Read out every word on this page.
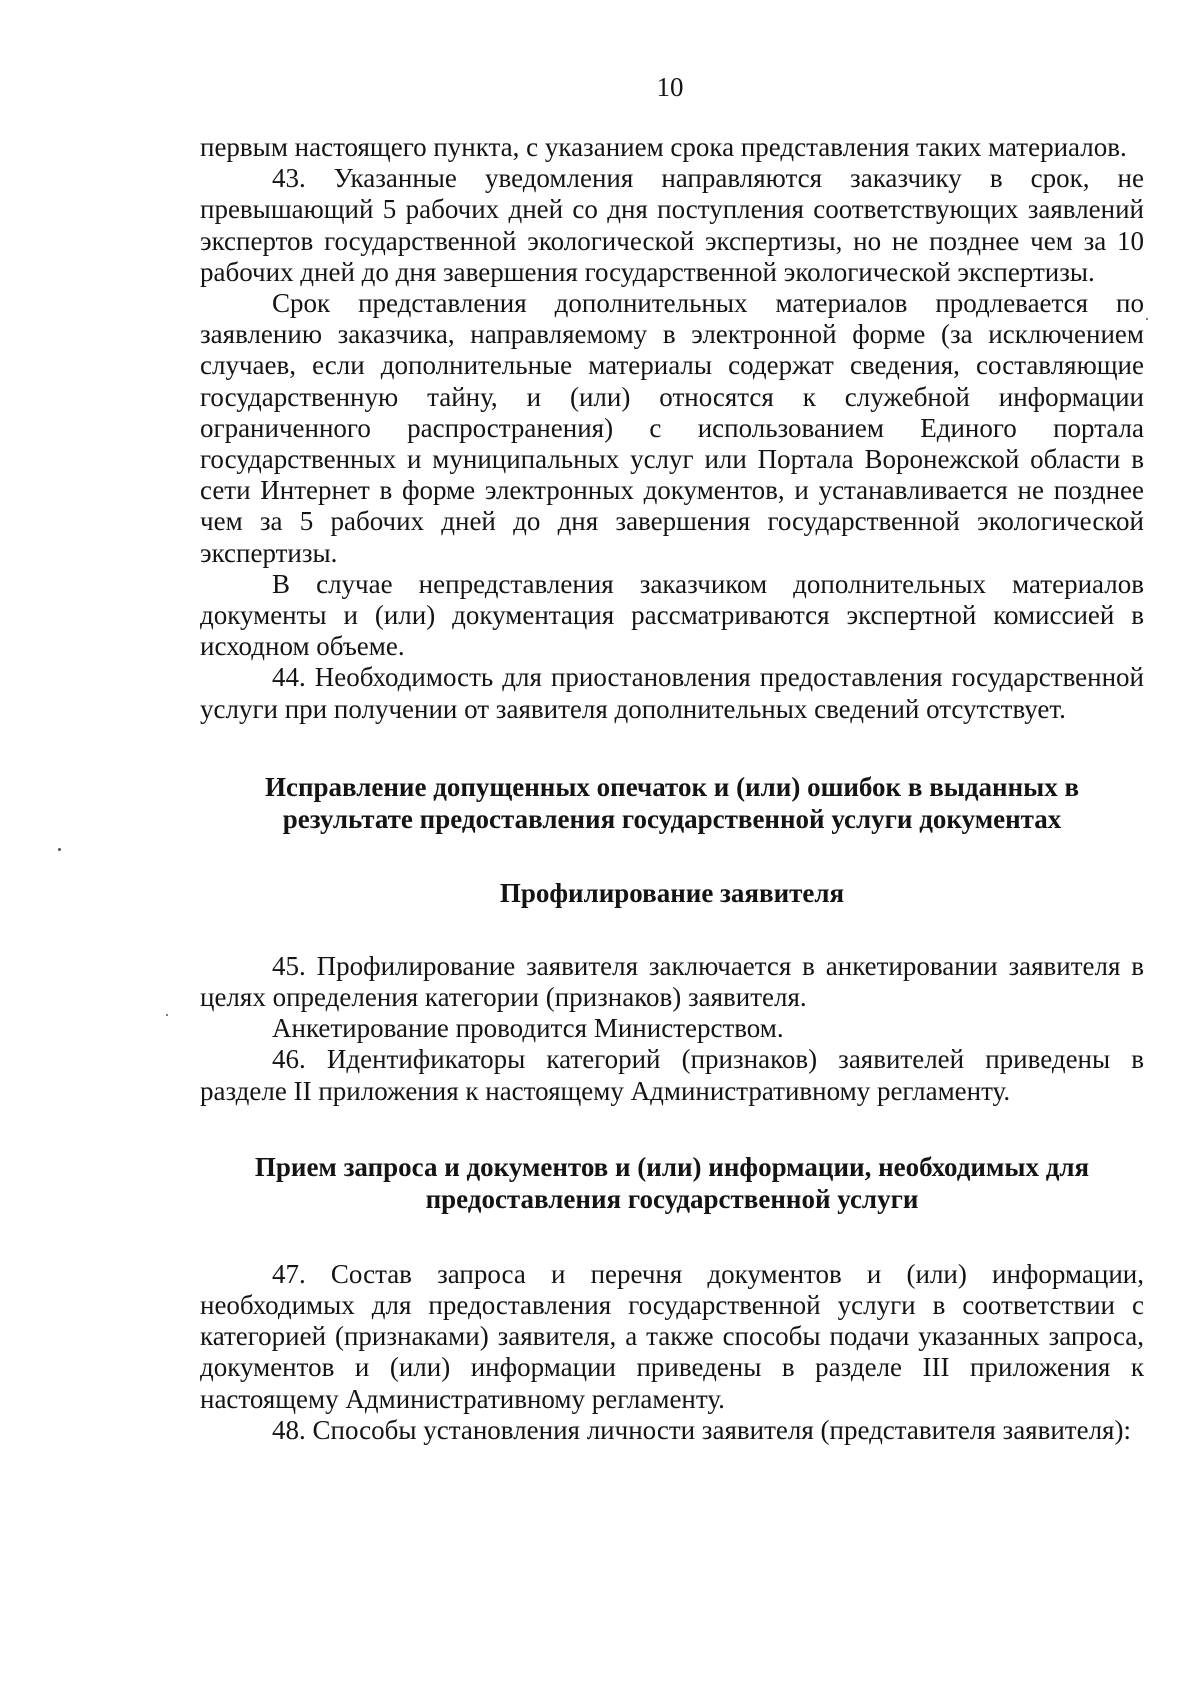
10

первым настоящего пункта, с указанием срока представления таких материалов.

43. Указанные уведомления направляются заказчику в срок, не превышающий 5 рабочих дней со дня поступления соответствующих заявлений экспертов государственной экологической экспертизы, но не позднее чем за 10 рабочих дней до дня завершения государственной экологической экспертизы.

Срок представления дополнительных материалов продлевается по заявлению заказчика, направляемому в электронной форме (за исключением случаев, если дополнительные материалы содержат сведения, составляющие государственную тайну, и (или) относятся к служебной информации ограниченного распространения) с использованием Единого портала государственных и муниципальных услуг или Портала Воронежской области в сети Интернет в форме электронных документов, и устанавливается не позднее чем за 5 рабочих дней до дня завершения государственной экологической экспертизы.

В случае непредставления заказчиком дополнительных материалов документы и (или) документация рассматриваются экспертной комиссией в исходном объеме.

44. Необходимость для приостановления предоставления государственной услуги при получении от заявителя дополнительных сведений отсутствует.

Исправление допущенных опечаток и (или) ошибок в выданных в результате предоставления государственной услуги документах

Профилирование заявителя

45. Профилирование заявителя заключается в анкетировании заявителя в целях определения категории (признаков) заявителя.

Анкетирование проводится Министерством.

46. Идентификаторы категорий (признаков) заявителей приведены в разделе II приложения к настоящему Административному регламенту.

Прием запроса и документов и (или) информации, необходимых для предоставления государственной услуги

47. Состав запроса и перечня документов и (или) информации, необходимых для предоставления государственной услуги в соответствии с категорией (признаками) заявителя, а также способы подачи указанных запроса, документов и (или) информации приведены в разделе III приложения к настоящему Административному регламенту.

48. Способы установления личности заявителя (представителя заявителя):
